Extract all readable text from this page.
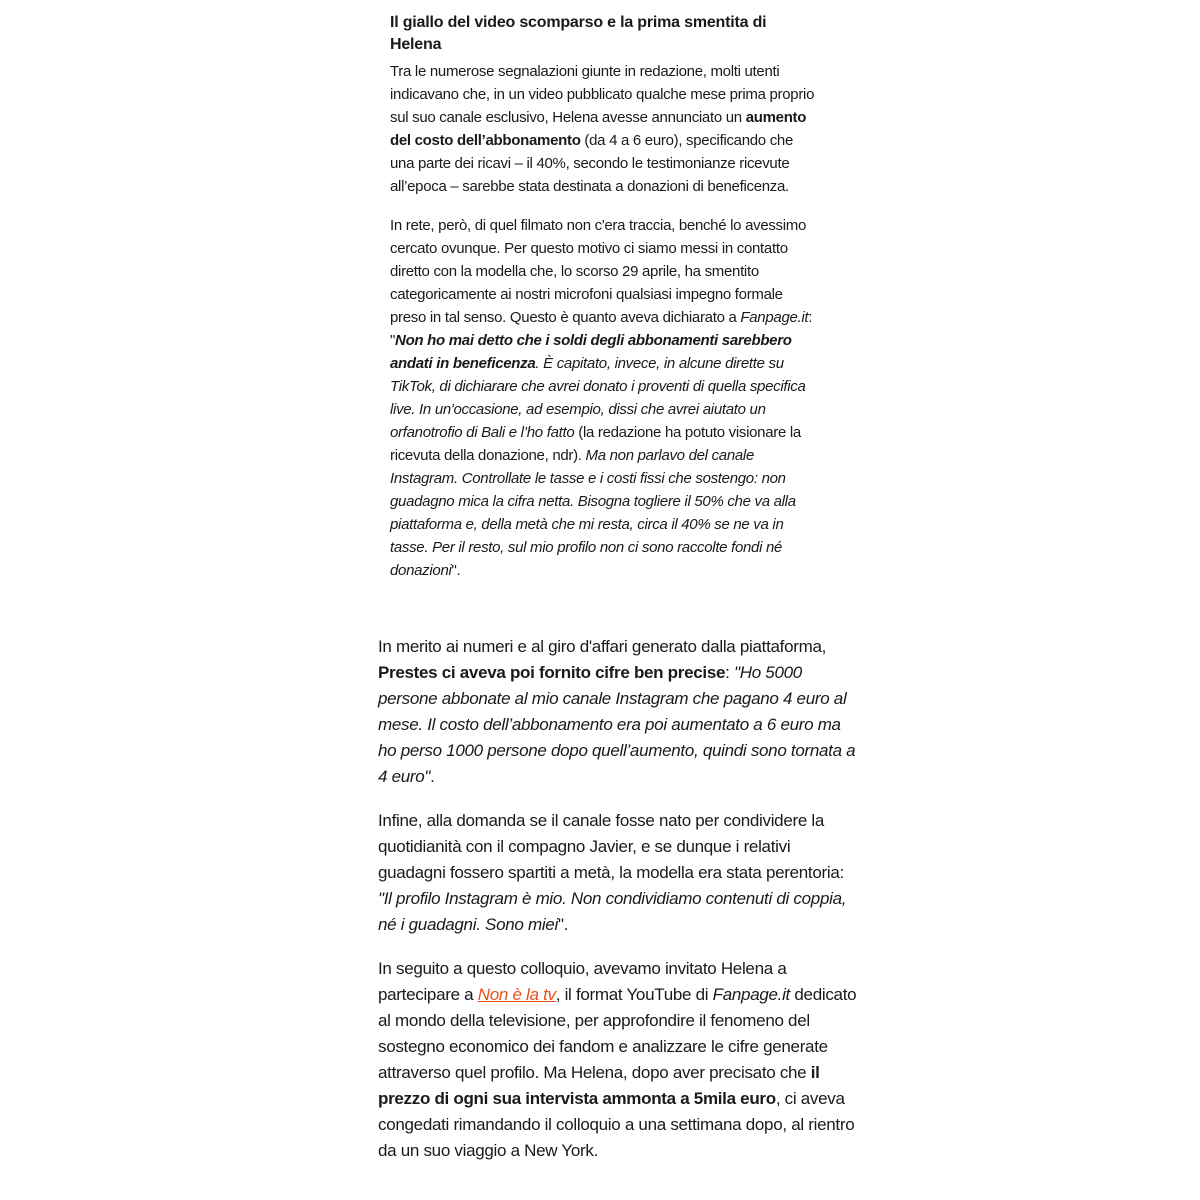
Il giallo del video scomparso e la prima smentita di Helena

Tra le numerose segnalazioni giunte in redazione, molti utenti indicavano che, in un video pubblicato qualche mese prima proprio sul suo canale esclusivo, Helena avesse annunciato un aumento del costo dell’abbonamento (da 4 a 6 euro), specificando che una parte dei ricavi – il 40%, secondo le testimonianze ricevute all’epoca – sarebbe stata destinata a donazioni di beneficenza.

In rete, però, di quel filmato non c'era traccia, benché lo avessimo cercato ovunque. Per questo motivo ci siamo messi in contatto diretto con la modella che, lo scorso 29 aprile, ha smentito categoricamente ai nostri microfoni qualsiasi impegno formale preso in tal senso. Questo è quanto aveva dichiarato a Fanpage.it: "Non ho mai detto che i soldi degli abbonamenti sarebbero andati in beneficenza. È capitato, invece, in alcune dirette su TikTok, di dichiarare che avrei donato i proventi di quella specifica live. In un'occasione, ad esempio, dissi che avrei aiutato un orfanotrofio di Bali e l’ho fatto (la redazione ha potuto visionare la ricevuta della donazione, ndr). Ma non parlavo del canale Instagram. Controllate le tasse e i costi fissi che sostengo: non guadagno mica la cifra netta. Bisogna togliere il 50% che va alla piattaforma e, della metà che mi resta, circa il 40% se ne va in tasse. Per il resto, sul mio profilo non ci sono raccolte fondi né donazioni".

In merito ai numeri e al giro d'affari generato dalla piattaforma, Prestes ci aveva poi fornito cifre ben precise: "Ho 5000 persone abbonate al mio canale Instagram che pagano 4 euro al mese. Il costo dell’abbonamento era poi aumentato a 6 euro ma ho perso 1000 persone dopo quell’aumento, quindi sono tornata a 4 euro".

Infine, alla domanda se il canale fosse nato per condividere la quotidianità con il compagno Javier, e se dunque i relativi guadagni fossero spartiti a metà, la modella era stata perentoria: "Il profilo Instagram è mio. Non condividiamo contenuti di coppia, né i guadagni. Sono miei".

In seguito a questo colloquio, avevamo invitato Helena a partecipare a Non è la tv, il format YouTube di Fanpage.it dedicato al mondo della televisione, per approfondire il fenomeno del sostegno economico dei fandom e analizzare le cifre generate attraverso quel profilo. Ma Helena, dopo aver precisato che il prezzo di ogni sua intervista ammonta a 5mila euro, ci aveva congedati rimandando il colloquio a una settimana dopo, al rientro da un suo viaggio a New York.
